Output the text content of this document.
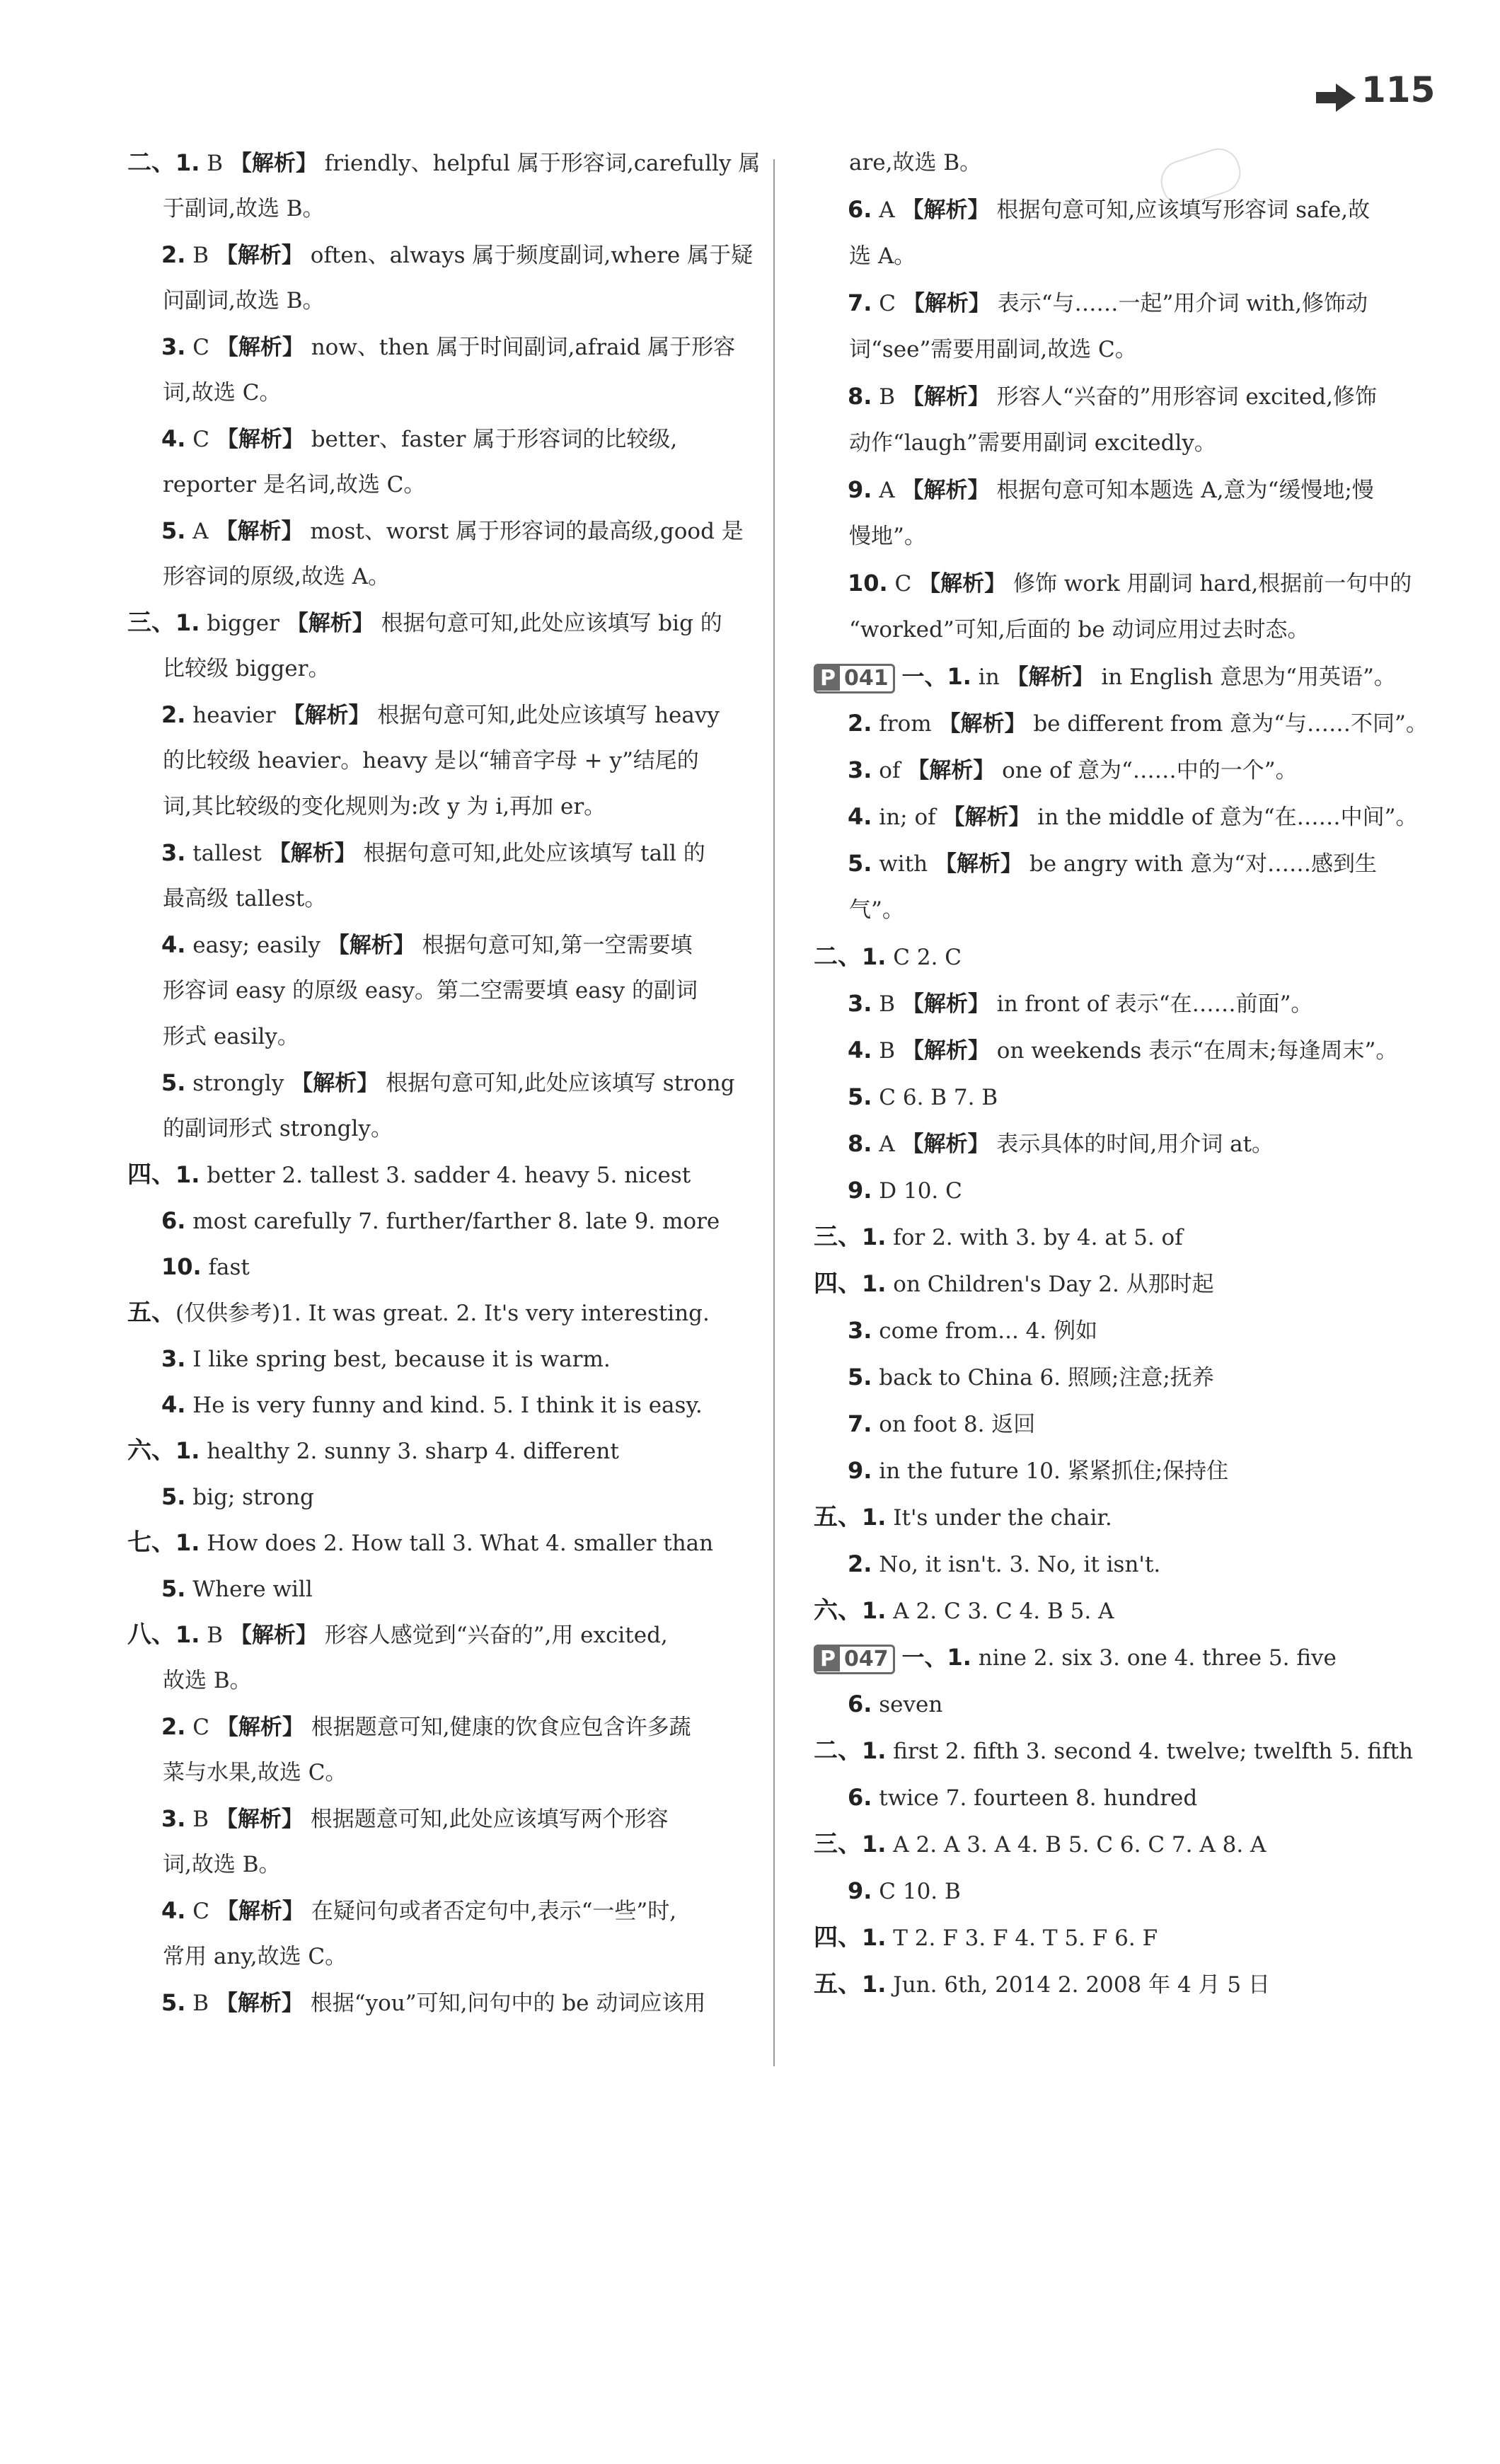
115
二、1. B 【解析】 friendly、helpful 属于形容词,carefully 属
于副词,故选 B。
2. B 【解析】 often、always 属于频度副词,where 属于疑
问副词,故选 B。
3. C 【解析】 now、then 属于时间副词,afraid 属于形容
词,故选 C。
4. C 【解析】 better、faster 属于形容词的比较级,
reporter 是名词,故选 C。
5. A 【解析】 most、worst 属于形容词的最高级,good 是
形容词的原级,故选 A。
三、1. bigger 【解析】 根据句意可知,此处应该填写 big 的
比较级 bigger。
2. heavier 【解析】 根据句意可知,此处应该填写 heavy
的比较级 heavier。heavy 是以“辅音字母 + y”结尾的
词,其比较级的变化规则为:改 y 为 i,再加 er。
3. tallest 【解析】 根据句意可知,此处应该填写 tall 的
最高级 tallest。
4. easy; easily 【解析】 根据句意可知,第一空需要填
形容词 easy 的原级 easy。第二空需要填 easy 的副词
形式 easily。
5. strongly 【解析】 根据句意可知,此处应该填写 strong
的副词形式 strongly。
四、1. better 2. tallest 3. sadder 4. heavy 5. nicest
6. most carefully 7. further/farther 8. late 9. more
10. fast
五、(仅供参考)1. It was great. 2. It's very interesting.
3. I like spring best, because it is warm.
4. He is very funny and kind. 5. I think it is easy.
六、1. healthy 2. sunny 3. sharp 4. different
5. big; strong
七、1. How does 2. How tall 3. What 4. smaller than
5. Where will
八、1. B 【解析】 形容人感觉到“兴奋的”,用 excited,
故选 B。
2. C 【解析】 根据题意可知,健康的饮食应包含许多蔬
菜与水果,故选 C。
3. B 【解析】 根据题意可知,此处应该填写两个形容
词,故选 B。
4. C 【解析】 在疑问句或者否定句中,表示“一些”时,
常用 any,故选 C。
5. B 【解析】 根据“you”可知,问句中的 be 动词应该用
are,故选 B。
6. A 【解析】 根据句意可知,应该填写形容词 safe,故
选 A。
7. C 【解析】 表示“与……一起”用介词 with,修饰动
词“see”需要用副词,故选 C。
8. B 【解析】 形容人“兴奋的”用形容词 excited,修饰
动作“laugh”需要用副词 excitedly。
9. A 【解析】 根据句意可知本题选 A,意为“缓慢地;慢
慢地”。
10. C 【解析】 修饰 work 用副词 hard,根据前一句中的
“worked”可知,后面的 be 动词应用过去时态。
P 041 一、1. in 【解析】 in English 意思为“用英语”。
2. from 【解析】 be different from 意为“与……不同”。
3. of 【解析】 one of 意为“……中的一个”。
4. in; of 【解析】 in the middle of 意为“在……中间”。
5. with 【解析】 be angry with 意为“对……感到生
气”。
二、1. C 2. C
3. B 【解析】 in front of 表示“在……前面”。
4. B 【解析】 on weekends 表示“在周末;每逢周末”。
5. C 6. B 7. B
8. A 【解析】 表示具体的时间,用介词 at。
9. D 10. C
三、1. for 2. with 3. by 4. at 5. of
四、1. on Children's Day 2. 从那时起
3. come from... 4. 例如
5. back to China 6. 照顾;注意;抚养
7. on foot 8. 返回
9. in the future 10. 紧紧抓住;保持住
五、1. It's under the chair.
2. No, it isn't. 3. No, it isn't.
六、1. A 2. C 3. C 4. B 5. A
P 047 一、1. nine 2. six 3. one 4. three 5. five
6. seven
二、1. first 2. fifth 3. second 4. twelve; twelfth 5. fifth
6. twice 7. fourteen 8. hundred
三、1. A 2. A 3. A 4. B 5. C 6. C 7. A 8. A
9. C 10. B
四、1. T 2. F 3. F 4. T 5. F 6. F
五、1. Jun. 6th, 2014 2. 2008 年 4 月 5 日
